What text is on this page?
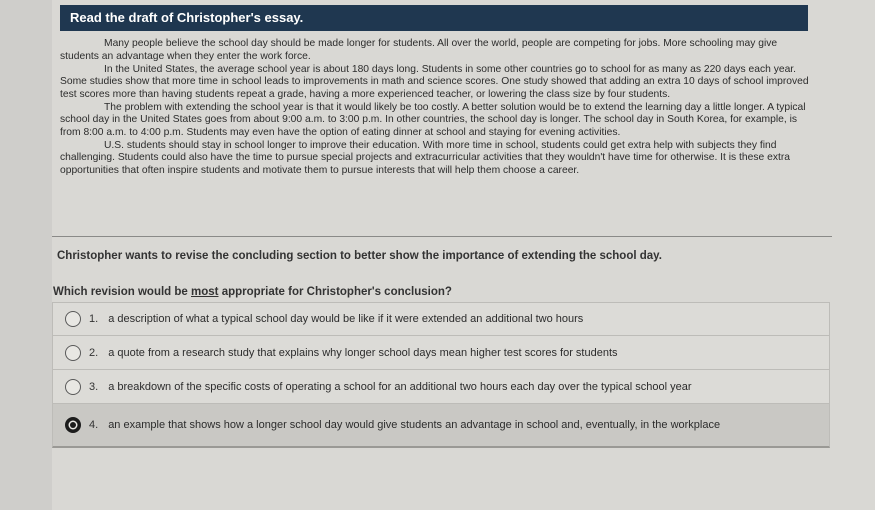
Read the draft of Christopher's essay.

Many people believe the school day should be made longer for students. All over the world, people are competing for jobs. More schooling may give students an advantage when they enter the work force.

In the United States, the average school year is about 180 days long. Students in some other countries go to school for as many as 220 days each year. Some studies show that more time in school leads to improvements in math and science scores. One study showed that adding an extra 10 days of school improved test scores more than having students repeat a grade, having a more experienced teacher, or lowering the class size by four students.

The problem with extending the school year is that it would likely be too costly. A better solution would be to extend the learning day a little longer. A typical school day in the United States goes from about 9:00 a.m. to 3:00 p.m. In other countries, the school day is longer. The school day in South Korea, for example, is from 8:00 a.m. to 4:00 p.m. Students may even have the option of eating dinner at school and staying for evening activities.

U.S. students should stay in school longer to improve their education. With more time in school, students could get extra help with subjects they find challenging. Students could also have the time to pursue special projects and extracurricular activities that they wouldn't have time for otherwise. It is these extra opportunities that often inspire students and motivate them to pursue interests that will help them choose a career.

Christopher wants to revise the concluding section to better show the importance of extending the school day.
Which revision would be most appropriate for Christopher's conclusion?
1. a description of what a typical school day would be like if it were extended an additional two hours
2. a quote from a research study that explains why longer school days mean higher test scores for students
3. a breakdown of the specific costs of operating a school for an additional two hours each day over the typical school year
4. an example that shows how a longer school day would give students an advantage in school and, eventually, in the workplace
